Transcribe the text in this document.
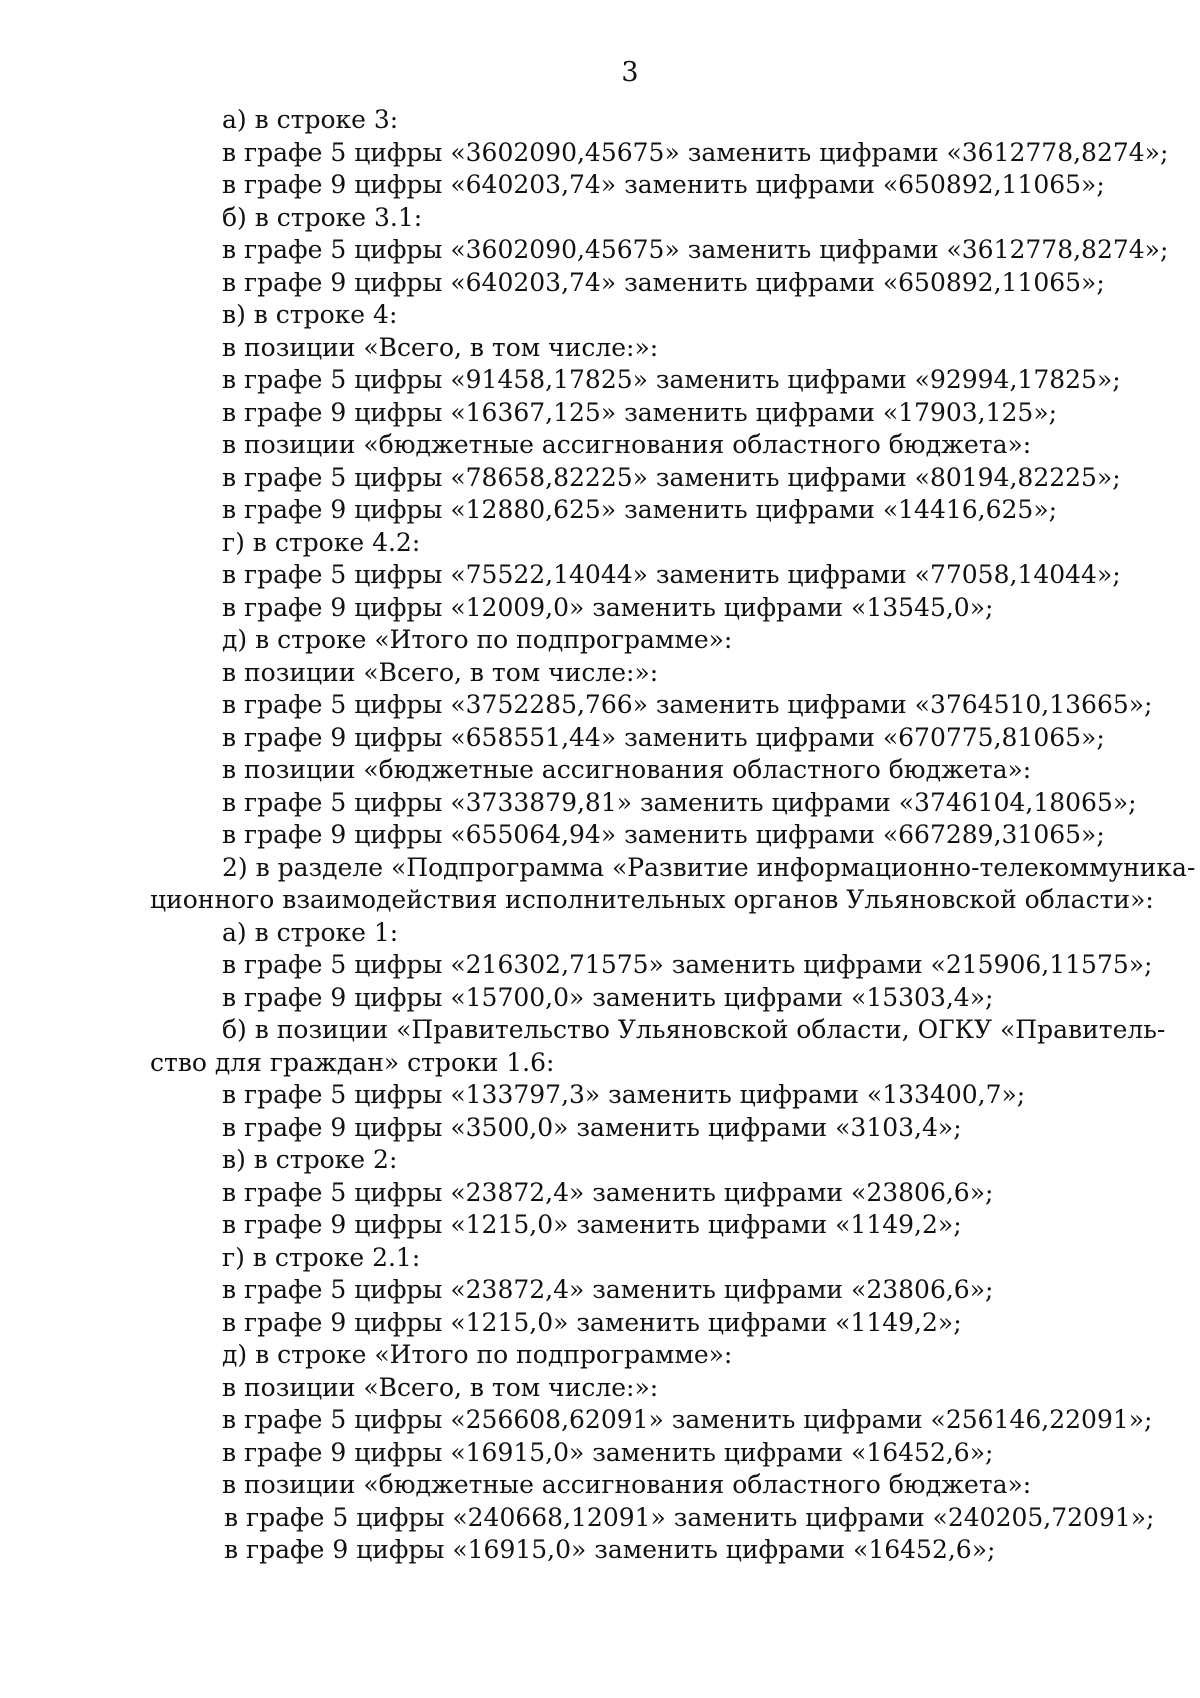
3
а) в строке 3:
в графе 5 цифры «3602090,45675» заменить цифрами «3612778,8274»;
в графе 9 цифры «640203,74» заменить цифрами «650892,11065»;
б) в строке 3.1:
в графе 5 цифры «3602090,45675» заменить цифрами «3612778,8274»;
в графе 9 цифры «640203,74» заменить цифрами «650892,11065»;
в) в строке 4:
в позиции «Всего, в том числе:»:
в графе 5 цифры «91458,17825» заменить цифрами «92994,17825»;
в графе 9 цифры «16367,125» заменить цифрами «17903,125»;
в позиции «бюджетные ассигнования областного бюджета»:
в графе 5 цифры «78658,82225» заменить цифрами «80194,82225»;
в графе 9 цифры «12880,625» заменить цифрами «14416,625»;
г) в строке 4.2:
в графе 5 цифры «75522,14044» заменить цифрами «77058,14044»;
в графе 9 цифры «12009,0» заменить цифрами «13545,0»;
д) в строке «Итого по подпрограмме»:
в позиции «Всего, в том числе:»:
в графе 5 цифры «3752285,766» заменить цифрами «3764510,13665»;
в графе 9 цифры «658551,44» заменить цифрами «670775,81065»;
в позиции «бюджетные ассигнования областного бюджета»:
в графе 5 цифры «3733879,81» заменить цифрами «3746104,18065»;
в графе 9 цифры «655064,94» заменить цифрами «667289,31065»;
2) в разделе «Подпрограмма «Развитие информационно-телекоммуника-
ционного взаимодействия исполнительных органов Ульяновской области»:
а) в строке 1:
в графе 5 цифры «216302,71575» заменить цифрами «215906,11575»;
в графе 9 цифры «15700,0» заменить цифрами «15303,4»;
б) в позиции «Правительство Ульяновской области, ОГКУ «Правитель-
ство для граждан» строки 1.6:
в графе 5 цифры «133797,3» заменить цифрами «133400,7»;
в графе 9 цифры «3500,0» заменить цифрами «3103,4»;
в) в строке 2:
в графе 5 цифры «23872,4» заменить цифрами «23806,6»;
в графе 9 цифры «1215,0» заменить цифрами «1149,2»;
г) в строке 2.1:
в графе 5 цифры «23872,4» заменить цифрами «23806,6»;
в графе 9 цифры «1215,0» заменить цифрами «1149,2»;
д) в строке «Итого по подпрограмме»:
в позиции «Всего, в том числе:»:
в графе 5 цифры «256608,62091» заменить цифрами «256146,22091»;
в графе 9 цифры «16915,0» заменить цифрами «16452,6»;
в позиции «бюджетные ассигнования областного бюджета»:
в графе 5 цифры «240668,12091» заменить цифрами «240205,72091»;
в графе 9 цифры «16915,0» заменить цифрами «16452,6»;
